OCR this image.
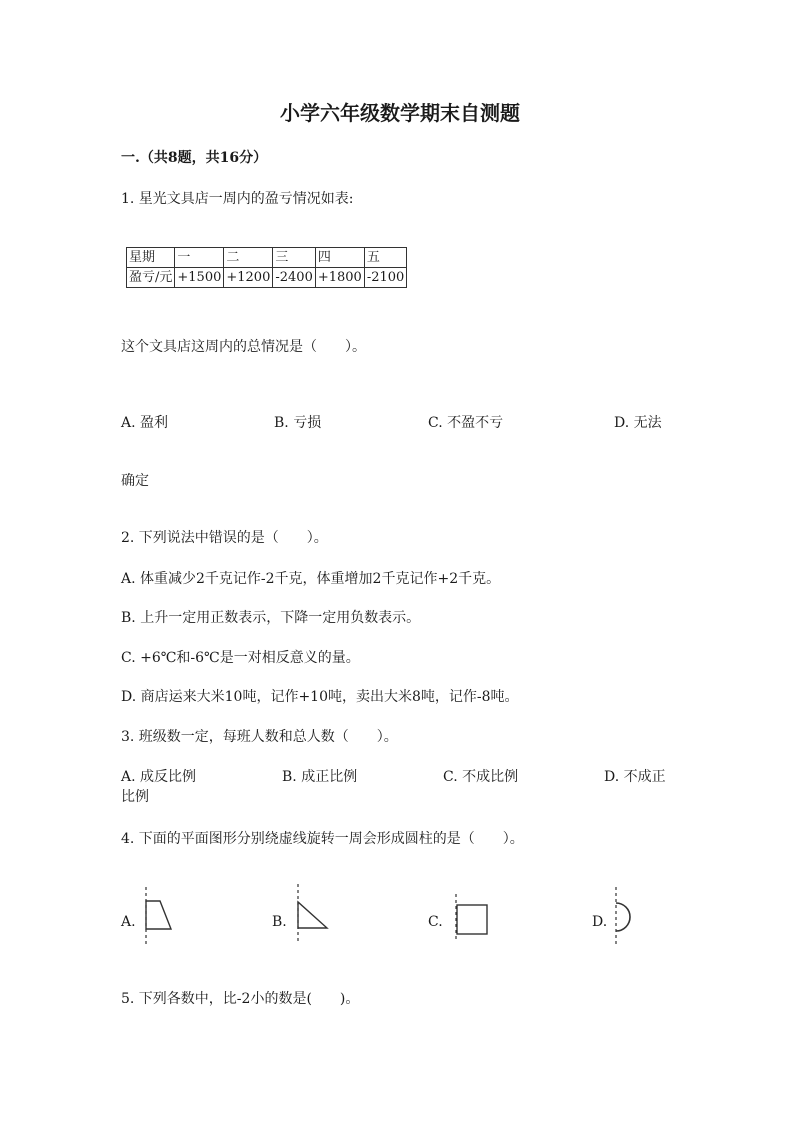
小学六年级数学期末自测题
一.（共8题，共16分）
1. 星光文具店一周内的盈亏情况如表:
星期	一	二	三	四	五
盈亏/元	+1500	+1200	-2400	+1800	-2100
这个文具店这周内的总情况是（　　）。
A. 盈利	B. 亏损	C. 不盈不亏	D. 无法
确定
2. 下列说法中错误的是（　　）。
A. 体重减少2千克记作-2千克，体重增加2千克记作+2千克。
B. 上升一定用正数表示，下降一定用负数表示。
C. +6℃和-6℃是一对相反意义的量。
D. 商店运来大米10吨，记作+10吨，卖出大米8吨，记作-8吨。
3. 班级数一定，每班人数和总人数（　　）。
A. 成反比例	B. 成正比例	C. 不成比例	D. 不成正
比例
4. 下面的平面图形分别绕虚线旋转一周会形成圆柱的是（　　）。
A.	B.	C.	D.
5. 下列各数中，比-2小的数是(　　)。
